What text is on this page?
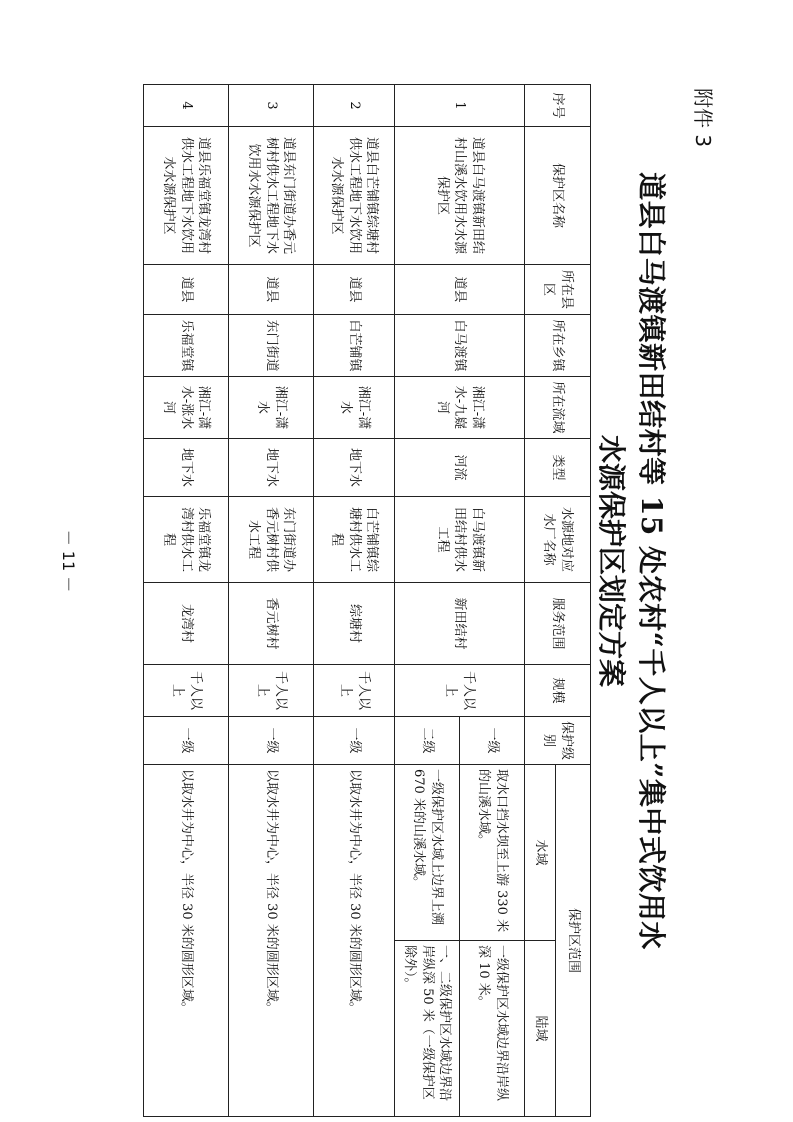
附件 3
道县白马渡镇新田结村等 15 处农村“千人以上”集中式饮用水
水源保护区划定方案
序号	保护区名称	所在县区	所在乡镇	所在流域	类型	水源地对应水厂名称	服务范围	规模	保护级别	保护区范围	
										水域	陆域
1	道县白马渡镇新田结村山溪水饮用水水源保护区	道县	白马渡镇	湘江-潇水-九嶷河	河流	白马渡镇新田结村供水工程	新田结村	千人以上	一级	取水口挡水坝至上游 330 米的山溪水域。	一级保护区水域边界沿岸纵深 10 米。
									二级	一级保护区水域上边界上溯 670 米的山溪水域。	一、二级保护区水域边界沿岸纵深 50 米（一级保护区除外）。
2	道县白芒铺镇综塘村供水工程地下水饮用水水源保护区	道县	白芒铺镇	湘江-潇水	地下水	白芒铺镇综塘村供水工程	综塘村	千人以上	一级	以取水井为中心，半径 30 米的圆形区域。	
3	道县东门街道办香元树村供水工程地下水饮用水水源保护区	道县	东门街道	湘江-潇水	地下水	东门街道办香元树村供水工程	香元树村	千人以上	一级	以取水井为中心，半径 30 米的圆形区域。	
4	道县乐福堂镇龙湾村供水工程地下水饮用水水源保护区	道县	乐福堂镇	湘江-潇水-涨水河	地下水	乐福堂镇龙湾村供水工程	龙湾村	千人以上	一级	以取水井为中心，半径 30 米的圆形区域。	
－ 11 －
